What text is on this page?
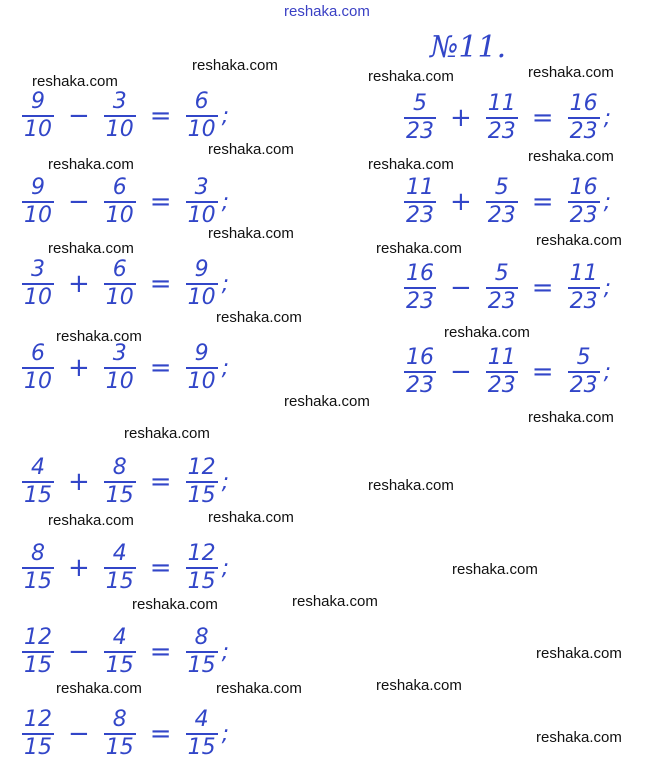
reshaka.com
№11.
reshaka.com
reshaka.com	reshaka.com	reshaka.com
reshaka.com
reshaka.com
reshaka.com	reshaka.com
reshaka.com
reshaka.com
reshaka.com	reshaka.com
reshaka.com
reshaka.com
reshaka.com
reshaka.com
reshaka.com
reshaka.com
reshaka.com
reshaka.com	reshaka.com
reshaka.com
reshaka.com	reshaka.com
reshaka.com
reshaka.com	reshaka.com	reshaka.com
reshaka.com
$\frac{9}{10} - \frac{3}{10} = \frac{6}{10}$ ;
$\frac{9}{10} - \frac{6}{10} = \frac{3}{10}$ ;
$\frac{3}{10} + \frac{6}{10} = \frac{9}{10}$ ;
$\frac{6}{10} + \frac{3}{10} = \frac{9}{10}$ ;
$\frac{4}{15} + \frac{8}{15} = \frac{12}{15}$ ;
$\frac{8}{15} + \frac{4}{15} = \frac{12}{15}$ ;
$\frac{12}{15} - \frac{4}{15} = \frac{8}{15}$ ;
$\frac{12}{15} - \frac{8}{15} = \frac{4}{15}$ ;
$\frac{5}{23} + \frac{11}{23} = \frac{16}{23}$ ;
$\frac{11}{23} + \frac{5}{23} = \frac{16}{23}$ ;
$\frac{16}{23} - \frac{5}{23} = \frac{11}{23}$ ;
$\frac{16}{23} - \frac{11}{23} = \frac{5}{23}$ ;
